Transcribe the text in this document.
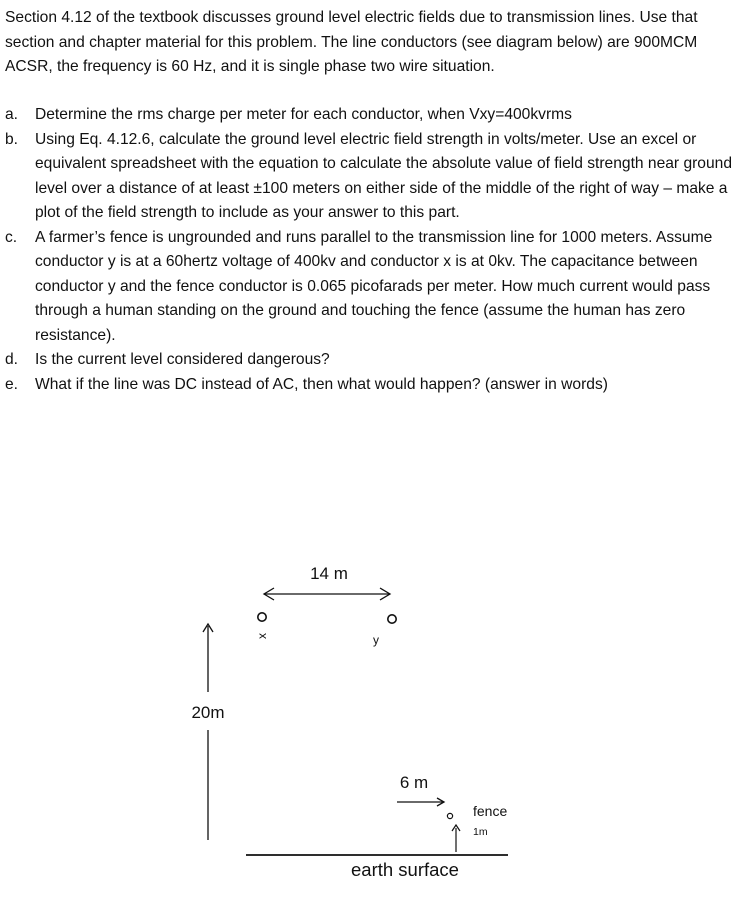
Section 4.12 of the textbook discusses ground level electric fields due to transmission lines. Use that section and chapter material for this problem. The line conductors (see diagram below) are 900MCM ACSR, the frequency is 60 Hz, and it is single phase two wire situation.

a.	Determine the rms charge per meter for each conductor, when Vxy=400kvrms
b.	Using Eq. 4.12.6, calculate the ground level electric field strength in volts/meter. Use an excel or equivalent spreadsheet with the equation to calculate the absolute value of field strength near ground level over a distance of at least ±100 meters on either side of the middle of the right of way – make a plot of the field strength to include as your answer to this part.
c.	A farmer’s fence is ungrounded and runs parallel to the transmission line for 1000 meters. Assume conductor y is at a 60hertz voltage of 400kv and conductor x is at 0kv. The capacitance between conductor y and the fence conductor is 0.065 picofarads per meter. How much current would pass through a human standing on the ground and touching the fence (assume the human has zero resistance).
d.	Is the current level considered dangerous?
e.	What if the line was DC instead of AC, then what would happen? (answer in words)
14 m
x	y
20m
6 m
fence
1m
earth surface
